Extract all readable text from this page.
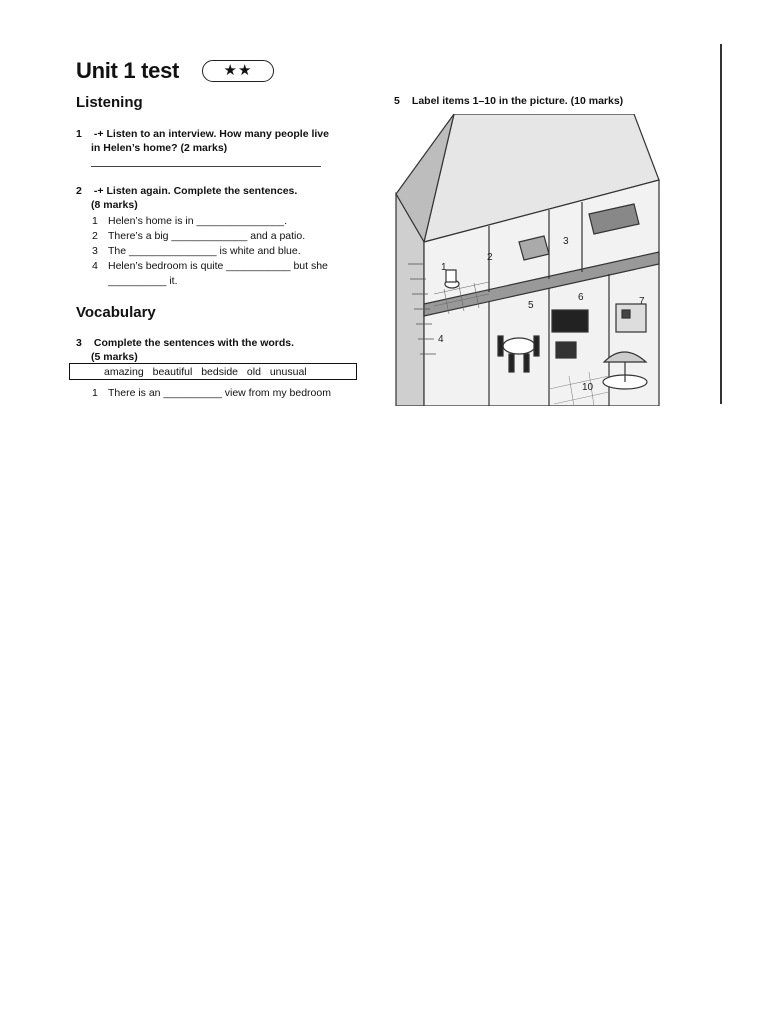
Unit 1 test	★★
Listening
1 -+ Listen to an interview. How many people live
in Helen’s home? (2 marks)
2 -+ Listen again. Complete the sentences.
(8 marks)
1 Helen’s home is in _______________.
2 There’s a big _____________ and a patio.
3 The _______________ is white and blue.
4 Helen’s bedroom is quite ___________ but she
__________ it.
Vocabulary
3 Complete the sentences with the words.
(5 marks)
amazing beautiful bedside old unusual
1 There is an __________ view from my bedroom
5 Label items 1–10 in the picture. (10 marks)
1
2
3
4
5
6	7
10
